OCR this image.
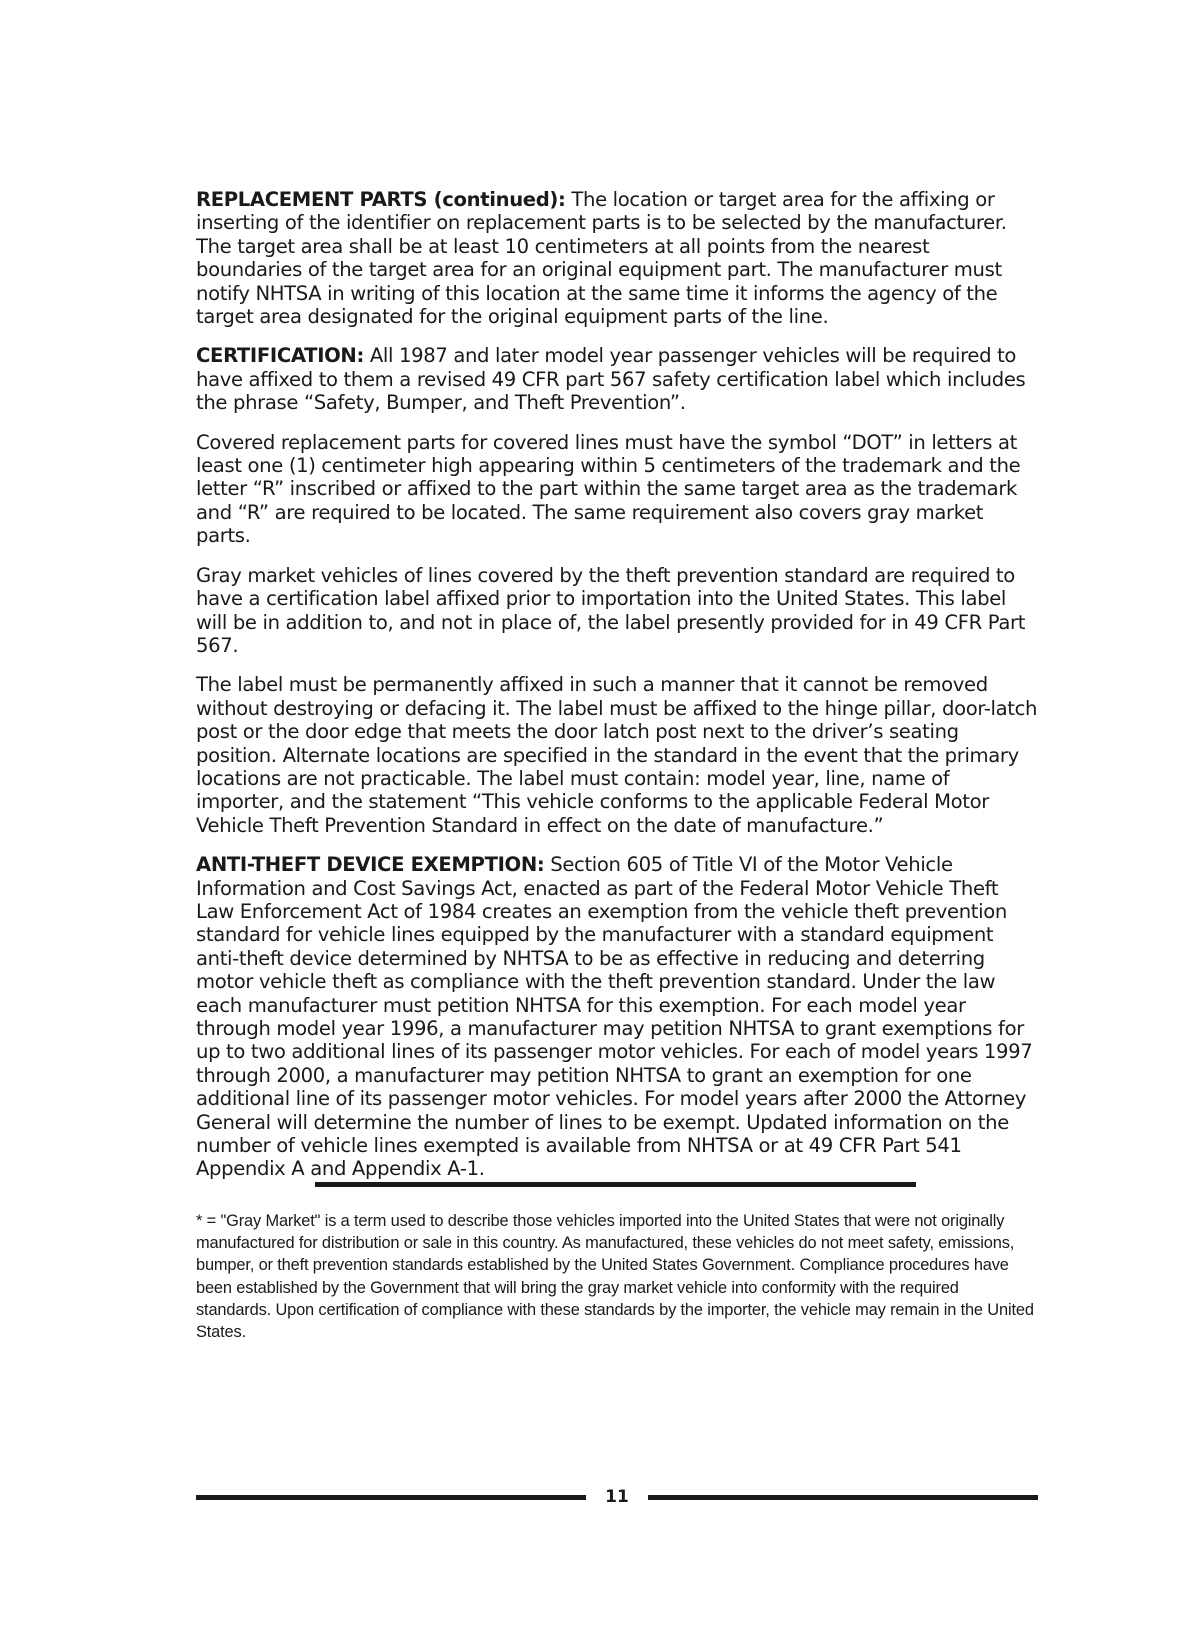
REPLACEMENT PARTS (continued): The location or target area for the affixing or inserting of the identifier on replacement parts is to be selected by the manufacturer. The target area shall be at least 10 centimeters at all points from the nearest boundaries of the target area for an original equipment part. The manufacturer must notify NHTSA in writing of this location at the same time it informs the agency of the target area designated for the original equipment parts of the line.

CERTIFICATION: All 1987 and later model year passenger vehicles will be required to have affixed to them a revised 49 CFR part 567 safety certification label which includes the phrase “Safety, Bumper, and Theft Prevention”.

Covered replacement parts for covered lines must have the symbol “DOT” in letters at least one (1) centimeter high appearing within 5 centimeters of the trademark and the letter “R” inscribed or affixed to the part within the same target area as the trademark and “R” are required to be located. The same requirement also covers gray market parts.

Gray market vehicles of lines covered by the theft prevention standard are required to have a certification label affixed prior to importation into the United States. This label will be in addition to, and not in place of, the label presently provided for in 49 CFR Part 567.

The label must be permanently affixed in such a manner that it cannot be removed without destroying or defacing it. The label must be affixed to the hinge pillar, door-latch post or the door edge that meets the door latch post next to the driver’s seating position. Alternate locations are specified in the standard in the event that the primary locations are not practicable. The label must contain: model year, line, name of importer, and the statement “This vehicle conforms to the applicable Federal Motor Vehicle Theft Prevention Standard in effect on the date of manufacture.”

ANTI-THEFT DEVICE EXEMPTION: Section 605 of Title VI of the Motor Vehicle Information and Cost Savings Act, enacted as part of the Federal Motor Vehicle Theft Law Enforcement Act of 1984 creates an exemption from the vehicle theft prevention standard for vehicle lines equipped by the manufacturer with a standard equipment anti-theft device determined by NHTSA to be as effective in reducing and deterring motor vehicle theft as compliance with the theft prevention standard. Under the law each manufacturer must petition NHTSA for this exemption. For each model year through model year 1996, a manufacturer may petition NHTSA to grant exemptions for up to two additional lines of its passenger motor vehicles. For each of model years 1997 through 2000, a manufacturer may petition NHTSA to grant an exemption for one additional line of its passenger motor vehicles. For model years after 2000 the Attorney General will determine the number of lines to be exempt. Updated information on the number of vehicle lines exempted is available from NHTSA or at 49 CFR Part 541 Appendix A and Appendix A-1.

* = "Gray Market" is a term used to describe those vehicles imported into the United States that were not originally manufactured for distribution or sale in this country. As manufactured, these vehicles do not meet safety, emissions, bumper, or theft prevention standards established by the United States Government. Compliance procedures have been established by the Government that will bring the gray market vehicle into conformity with the required standards. Upon certification of compliance with these standards by the importer, the vehicle may remain in the United States.
11
